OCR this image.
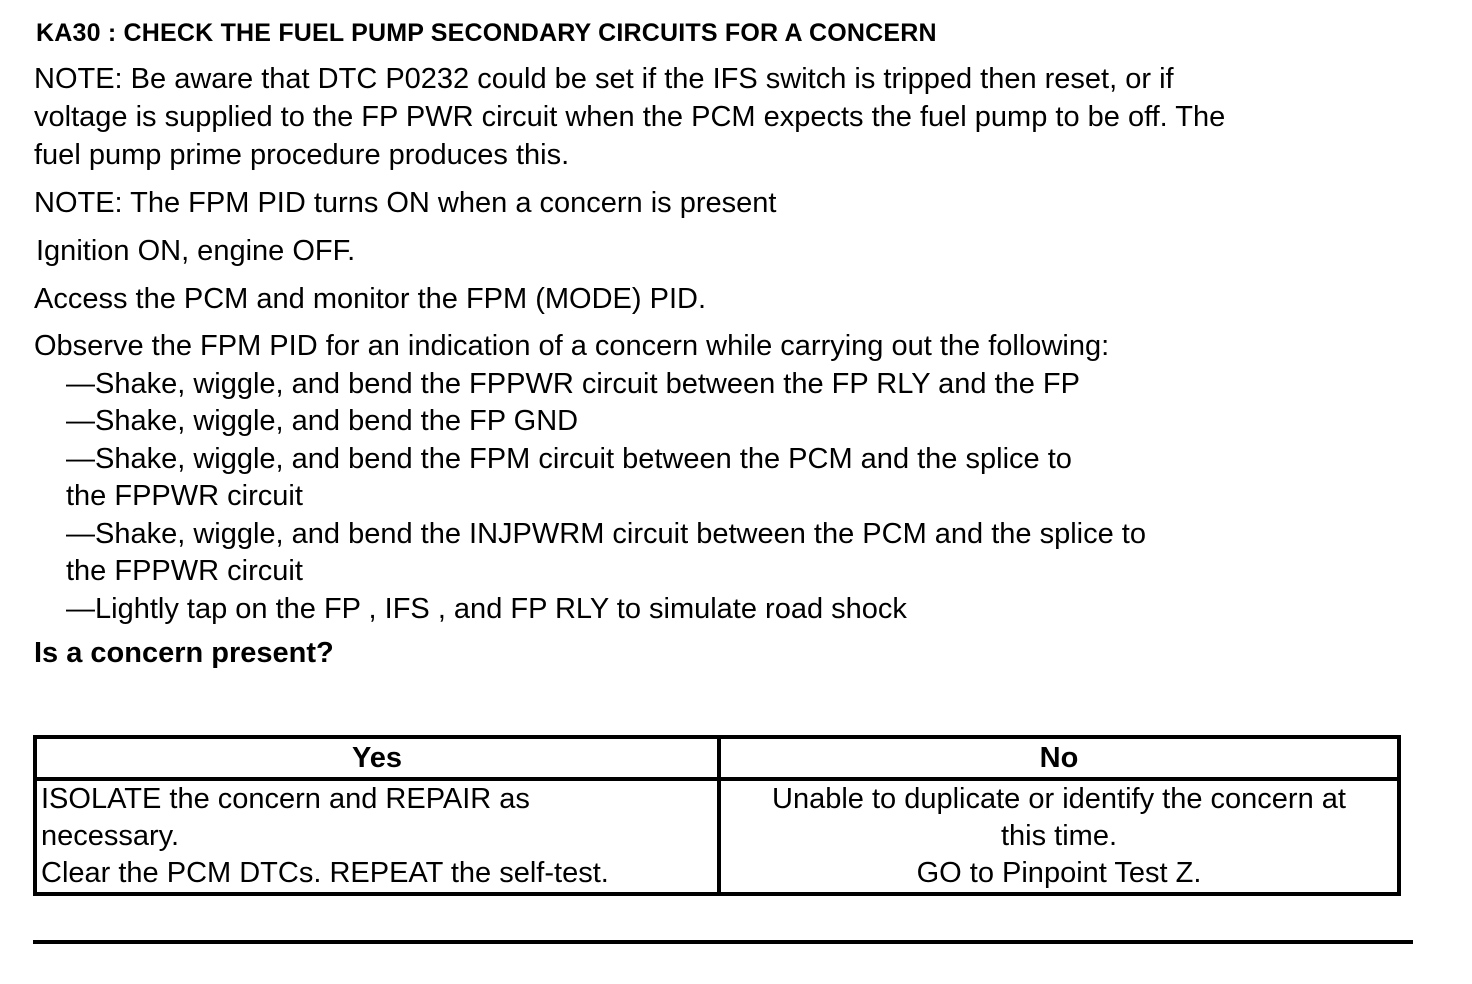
KA30 : CHECK THE FUEL PUMP SECONDARY CIRCUITS FOR A CONCERN
NOTE: Be aware that DTC P0232 could be set if the IFS switch is tripped then reset, or if
voltage is supplied to the FP PWR circuit when the PCM expects the fuel pump to be off. The
fuel pump prime procedure produces this.
NOTE: The FPM PID turns ON when a concern is present
Ignition ON, engine OFF.
Access the PCM and monitor the FPM (MODE) PID.
Observe the FPM PID for an indication of a concern while carrying out the following:
—Shake, wiggle, and bend the FPPWR circuit between the FP RLY and the FP
—Shake, wiggle, and bend the FP GND
—Shake, wiggle, and bend the FPM circuit between the PCM and the splice to
the FPPWR circuit
—Shake, wiggle, and bend the INJPWRM circuit between the PCM and the splice to
the FPPWR circuit
—Lightly tap on the FP , IFS , and FP RLY to simulate road shock
Is a concern present?
Yes	No

ISOLATE the concern and REPAIR as
necessary.
Clear the PCM DTCs. REPEAT the self-test.	Unable to duplicate or identify the concern at
this time.
GO to Pinpoint Test Z.
